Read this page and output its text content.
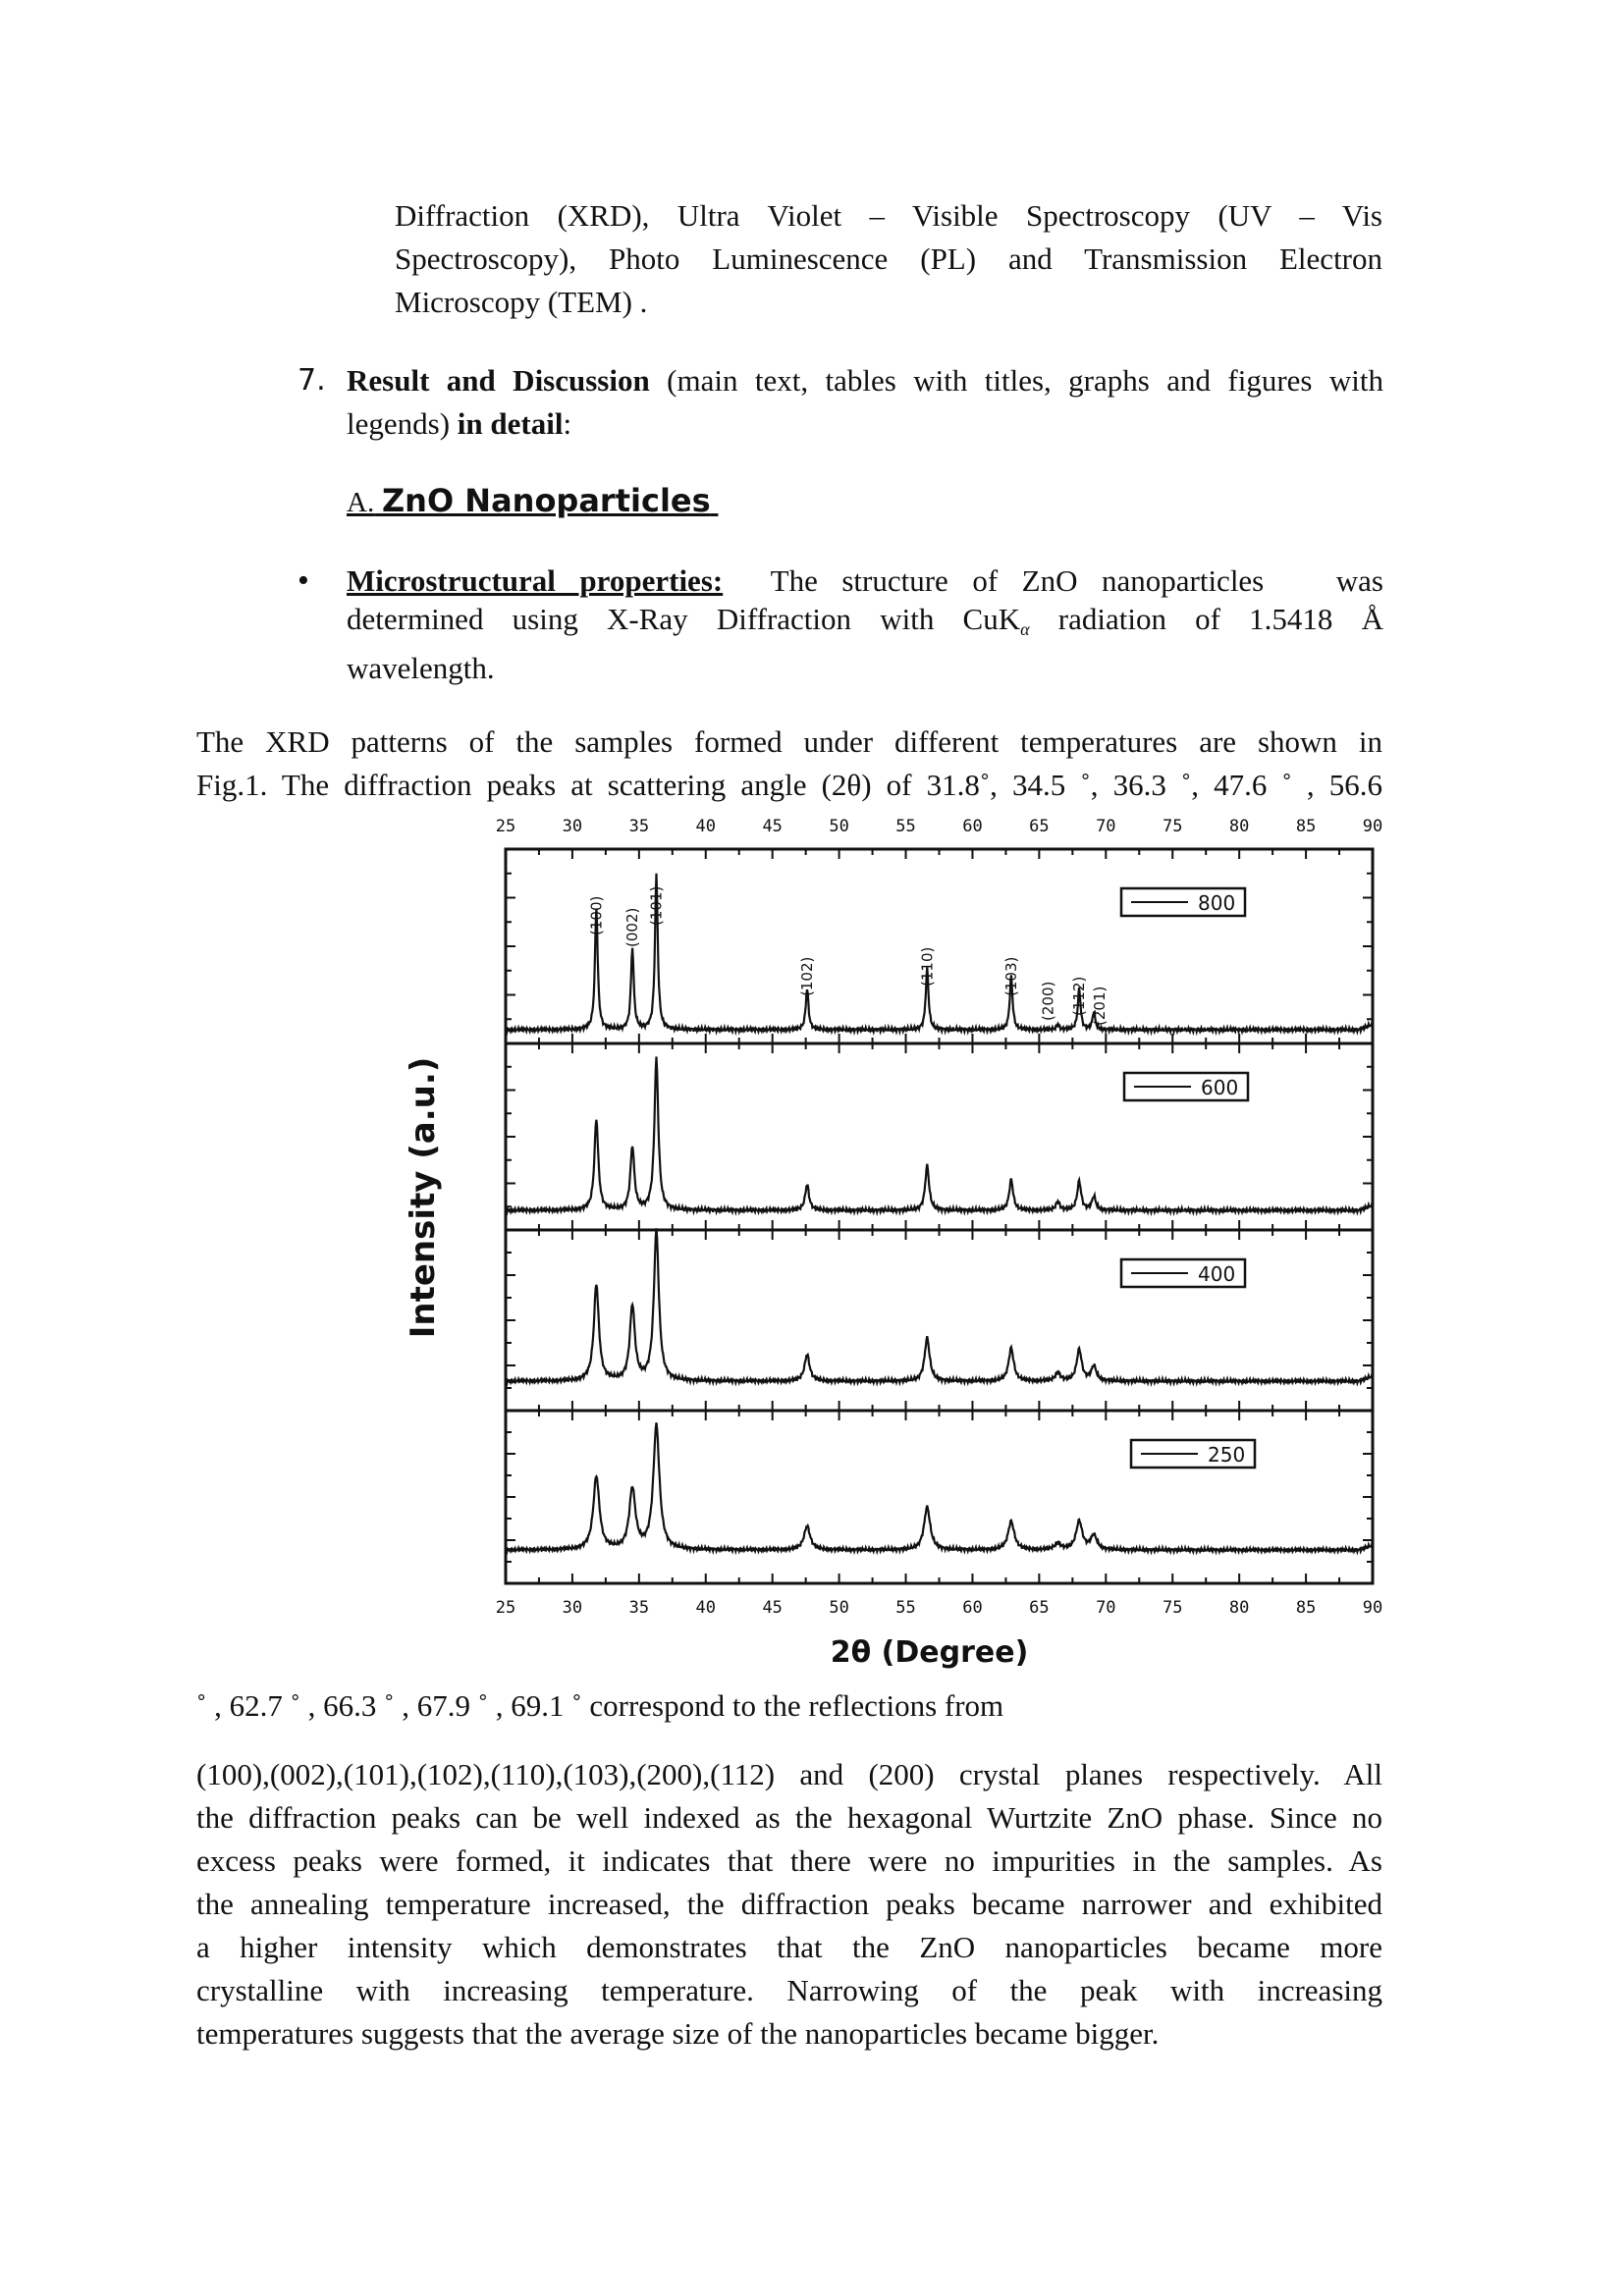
Diffraction (XRD), Ultra Violet – Visible Spectroscopy (UV – Vis
Spectroscopy), Photo Luminescence (PL) and Transmission Electron
Microscopy (TEM) .
7. Result and Discussion (main text, tables with titles, graphs and figures with
legends) in detail:
A. ZnO Nanoparticles
• Microstructural properties:  The structure of ZnO nanoparticles   was
determined using X-Ray Diffraction with CuK$_\alpha$ radiation of 1.5418 Å
wavelength.
The XRD patterns of the samples formed under different temperatures are shown in
Fig.1. The diffraction peaks at scattering angle (2θ) of 31.8˚, 34.5 ˚, 36.3 ˚, 47.6 ˚ , 56.6
25
25
30
30
35
35
40
40
45
45
50
50
55
55
60
60
65
65
70
70
75
75
80
80
85
85
90
90
800
600
400
250
(100) (002)
(101)
(102)	(110)	(103)
(200) (112) (201)
Intensity (a.u.)
2θ (Degree)
˚ , 62.7 ˚ , 66.3 ˚ , 67.9 ˚ , 69.1 ˚ correspond to the reflections from
(100),(002),(101),(102),(110),(103),(200),(112) and (200) crystal planes respectively. All
the diffraction peaks can be well indexed as the hexagonal Wurtzite ZnO phase. Since no
excess peaks were formed, it indicates that there were no impurities in the samples. As
the annealing temperature increased, the diffraction peaks became narrower and exhibited
a higher intensity which demonstrates that the ZnO nanoparticles became more
crystalline with increasing temperature. Narrowing of the peak with increasing
temperatures suggests that the average size of the nanoparticles became bigger.
